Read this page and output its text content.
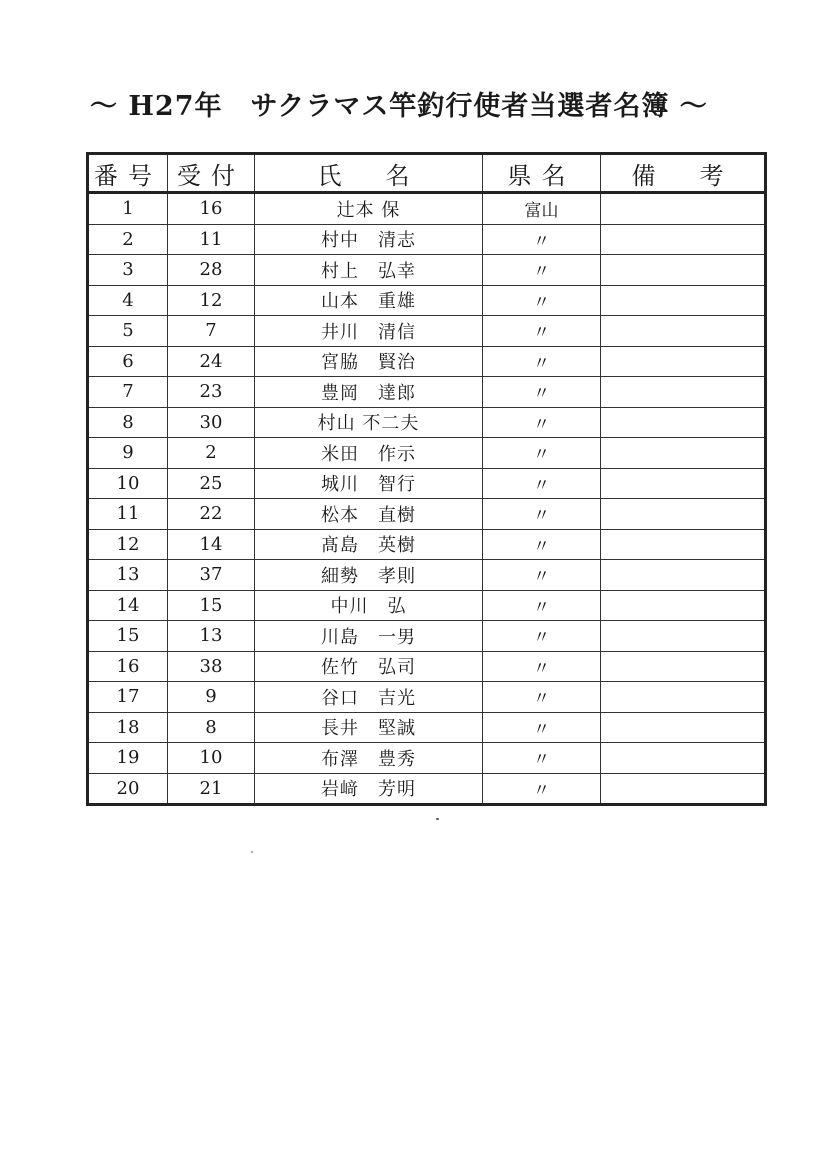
～ H27年　サクラマス竿釣行使者当選者名簿 ～
番号	受付	氏　名	県名	備　考
1	16	辻本 保	富山	
2	11	村中　清志	〃	
3	28	村上　弘幸	〃	
4	12	山本　重雄	〃	
5	7	井川　清信	〃	
6	24	宮脇　賢治	〃	
7	23	豊岡　達郎	〃	
8	30	村山 不二夫	〃	
9	2	米田　作示	〃	
10	25	城川　智行	〃	
11	22	松本　直樹	〃	
12	14	髙島　英樹	〃	
13	37	細勢　孝則	〃	
14	15	中川　弘	〃	
15	13	川島　一男	〃	
16	38	佐竹　弘司	〃	
17	9	谷口　吉光	〃	
18	8	長井　堅誠	〃	
19	10	布澤　豊秀	〃	
20	21	岩﨑　芳明	〃	
